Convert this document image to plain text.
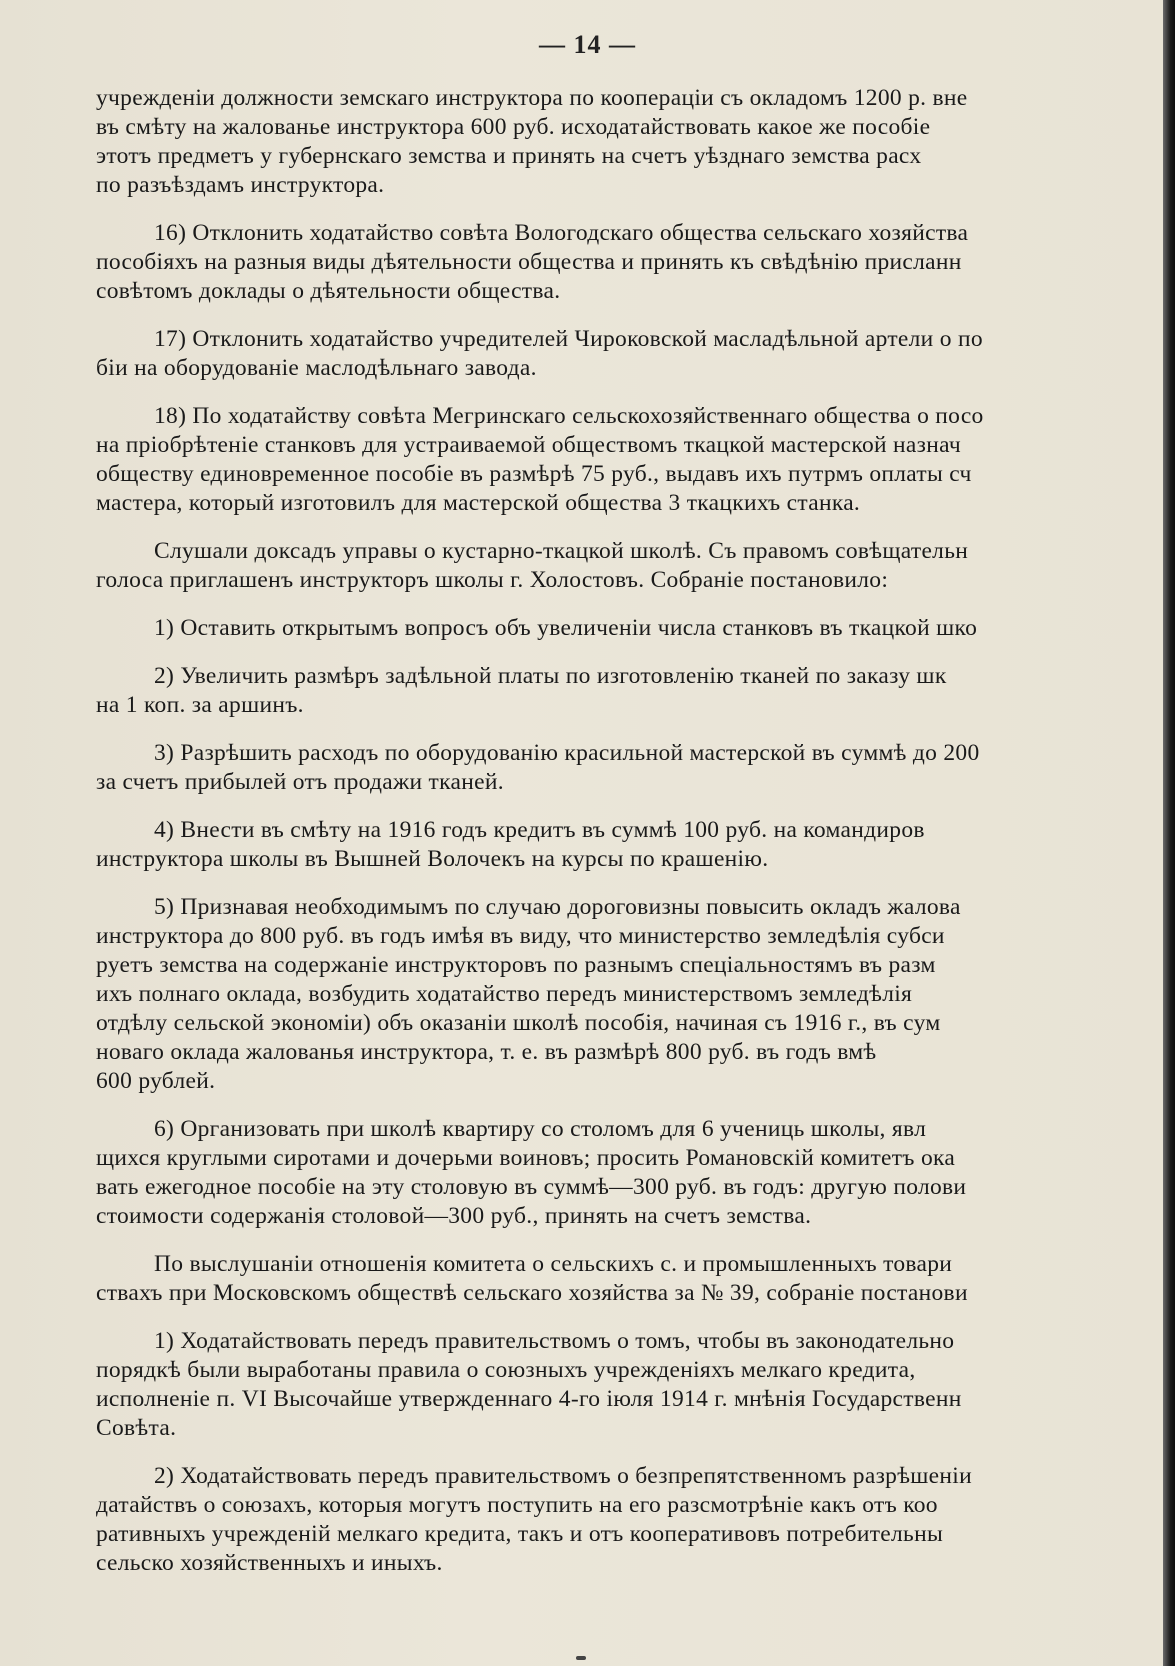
— 14 —
учрежденiи должности земскаго инструктора по кооперацiи съ окладомъ 1200 р. вне
въ смѣту на жалованье инструктора 600 руб. исходатайствовать какое же пособiе
этотъ предметъ у губернскаго земства и принять на счетъ уѣзднаго земства расх
по разъѣздамъ инструктора.
16) Отклонить ходатайство совѣта Вологодскаго общества сельскаго хозяйства
пособiяхъ на разныя виды дѣятельности общества и принять къ свѣдѣнiю присланн
совѣтомъ доклады о дѣятельности общества.
17) Отклонить ходатайство учредителей Чироковской масладѣльной артели о по
бiи на оборудованiе маслодѣльнаго завода.
18) По ходатайству совѣта Мегринскаго сельскохозяйственнаго общества о посо
на прiобрѣтенiе станковъ для устраиваемой обществомъ ткацкой мастерской назнач
обществу единовременное пособiе въ размѣрѣ 75 руб., выдавъ ихъ путрмъ оплаты сч
мастера, который изготовилъ для мастерской общества 3 ткацкихъ станка.
Слушали доксадъ управы о кустарно-ткацкой школѣ. Съ правомъ совѣщательн
голоса приглашенъ инструкторъ школы г. Холостовъ. Собранiе постановило:
1) Оставить открытымъ вопросъ объ увеличенiи числа станковъ въ ткацкой шко
2) Увеличить размѣръ задѣльной платы по изготовленiю тканей по заказу шк
на 1 коп. за аршинъ.
3) Разрѣшить расходъ по оборудованiю красильной мастерской въ суммѣ до 200
за счетъ прибылей отъ продажи тканей.
4) Внести въ смѣту на 1916 годъ кредитъ въ суммѣ 100 руб. на командиров
инструктора школы въ Вышней Волочекъ на курсы по крашенiю.
5) Признавая необходимымъ по случаю дороговизны повысить окладъ жалова
инструктора до 800 руб. въ годъ имѣя въ виду, что министерство земледѣлiя субси
руетъ земства на содержанiе инструкторовъ по разнымъ спецiальностямъ въ разм
ихъ полнаго оклада, возбудить ходатайство передъ министерствомъ земледѣлiя
отдѣлу сельской экономiи) объ оказанiи школѣ пособiя, начиная съ 1916 г., въ сум
новаго оклада жалованья инструктора, т. е. въ размѣрѣ 800 руб. въ годъ вмѣ
600 рублей.
6) Организовать при школѣ квартиру со столомъ для 6 учениць школы, явл
щихся круглыми сиротами и дочерьми воиновъ; просить Романовскiй комитетъ ока
вать ежегодное пособiе на эту столовую въ суммѣ—300 руб. въ годъ: другую полови
стоимости содержанiя столовой—300 руб., принять на счетъ земства.
По выслушанiи отношенiя комитета о сельскихъ с. и промышленныхъ товари
ствахъ при Московскомъ обществѣ сельскаго хозяйства за № 39, собранiе постанови
1) Ходатайствовать передъ правительствомъ о томъ, чтобы въ законодательно
порядкѣ были выработаны правила о союзныхъ учрежденiяхъ мелкаго кредита,
исполненiе п. VI Высочайше утвержденнаго 4-го iюля 1914 г. мнѣнiя Государственн
Совѣта.
2) Ходатайствовать передъ правительствомъ о безпрепятственномъ разрѣшенiи
датайствъ о союзахъ, которыя могутъ поступить на его разсмотрѣнiе какъ отъ коо
ративныхъ учрежденiй мелкаго кредита, такъ и отъ кооперативовъ потребительны
сельско хозяйственныхъ и иныхъ.
